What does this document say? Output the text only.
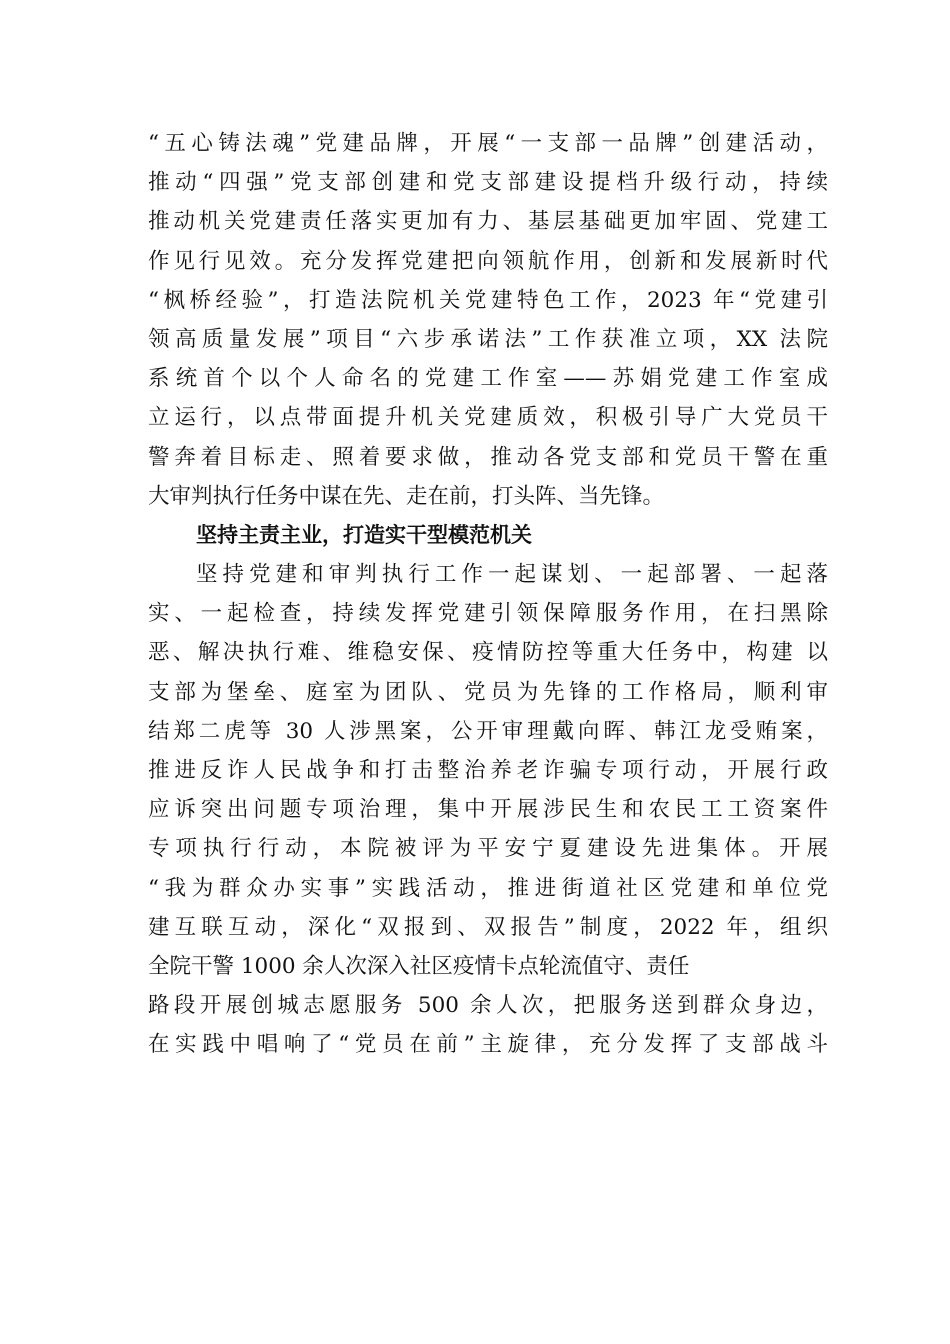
“五心铸法魂”党建品牌，开展“一支部一品牌”创建活动，
推动“四强”党支部创建和党支部建设提档升级行动，持续
推动机关党建责任落实更加有力、基层基础更加牢固、党建工
作见行见效。充分发挥党建把向领航作用，创新和发展新时代
“枫桥经验”，打造法院机关党建特色工作，2023 年“党建引
领高质量发展”项目“六步承诺法”工作获准立项，XX 法院
系统首个以个人命名的党建工作室——苏娟党建工作室成
立运行，以点带面提升机关党建质效，积极引导广大党员干
警奔着目标走、照着要求做，推动各党支部和党员干警在重
大审判执行任务中谋在先、走在前，打头阵、当先锋。
坚持主责主业，打造实干型模范机关
坚持党建和审判执行工作一起谋划、一起部署、一起落
实、一起检查，持续发挥党建引领保障服务作用，在扫黑除
恶、解决执行难、维稳安保、疫情防控等重大任务中，构建 以
支部为堡垒、庭室为团队、党员为先锋的工作格局，顺利审
结郑二虎等 30 人涉黑案，公开审理戴向晖、韩江龙受贿案，
推进反诈人民战争和打击整治养老诈骗专项行动，开展行政
应诉突出问题专项治理，集中开展涉民生和农民工工资案件
专项执行行动，本院被评为平安宁夏建设先进集体。开展
“我为群众办实事”实践活动，推进街道社区党建和单位党
建互联互动，深化“双报到、双报告”制度，2022 年，组织
全院干警 1000 余人次深入社区疫情卡点轮流值守、责任
路段开展创城志愿服务 500 余人次，把服务送到群众身边，
在实践中唱响了“党员在前”主旋律，充分发挥了支部战斗
